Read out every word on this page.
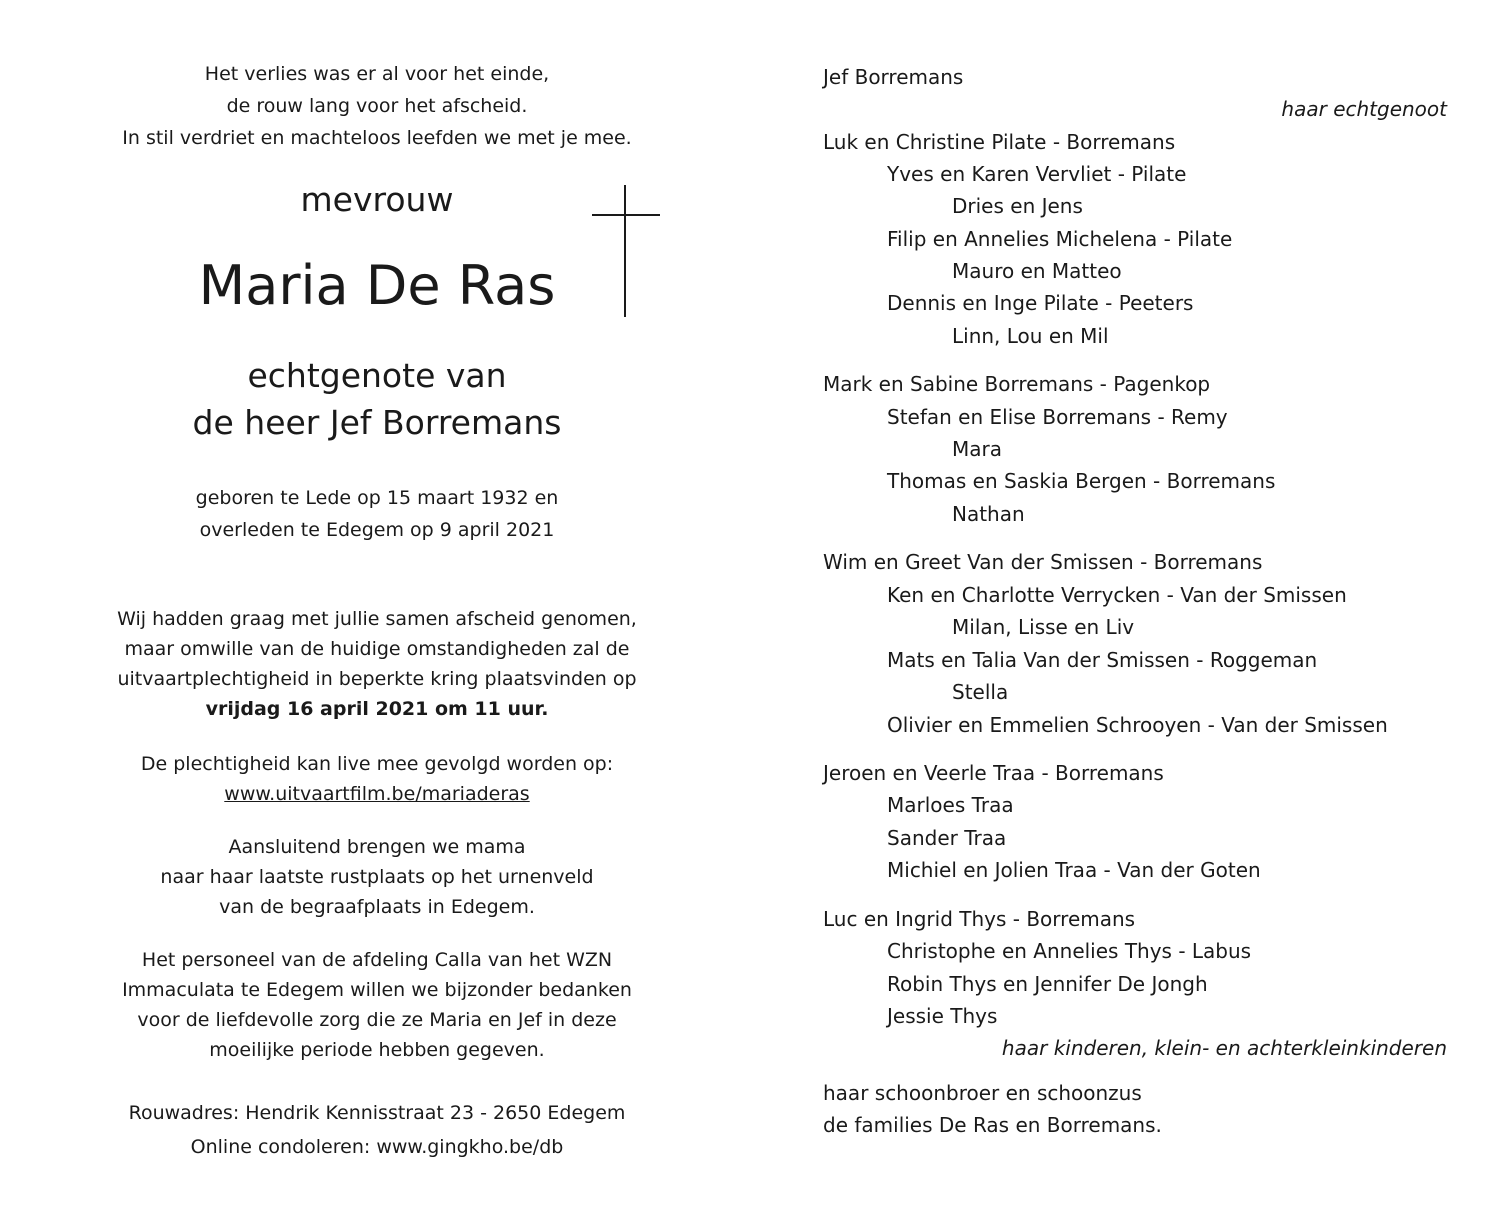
Het verlies was er al voor het einde,
de rouw lang voor het afscheid.
In stil verdriet en machteloos leefden we met je mee.
mevrouw
Maria De Ras
echtgenote van
de heer Jef Borremans
geboren te Lede op 15 maart 1932 en
overleden te Edegem op 9 april 2021
Wij hadden graag met jullie samen afscheid genomen,
maar omwille van de huidige omstandigheden zal de
uitvaartplechtigheid in beperkte kring plaatsvinden op
vrijdag 16 april 2021 om 11 uur.
De plechtigheid kan live mee gevolgd worden op:
www.uitvaartfilm.be/mariaderas
Aansluitend brengen we mama
naar haar laatste rustplaats op het urnenveld
van de begraafplaats in Edegem.
Het personeel van de afdeling Calla van het WZN
Immaculata te Edegem willen we bijzonder bedanken
voor de liefdevolle zorg die ze Maria en Jef in deze
moeilijke periode hebben gegeven.
Rouwadres: Hendrik Kennisstraat 23 - 2650 Edegem
Online condoleren: www.gingkho.be/db
Jef Borremans
haar echtgenoot
Luk en Christine Pilate - Borremans
Yves en Karen Vervliet - Pilate
Dries en Jens
Filip en Annelies Michelena - Pilate
Mauro en Matteo
Dennis en Inge Pilate - Peeters
Linn, Lou en Mil
Mark en Sabine Borremans - Pagenkop
Stefan en Elise Borremans - Remy
Mara
Thomas en Saskia Bergen - Borremans
Nathan
Wim en Greet Van der Smissen - Borremans
Ken en Charlotte Verrycken - Van der Smissen
Milan, Lisse en Liv
Mats en Talia Van der Smissen - Roggeman
Stella
Olivier en Emmelien Schrooyen - Van der Smissen
Jeroen en Veerle Traa - Borremans
Marloes Traa
Sander Traa
Michiel en Jolien Traa - Van der Goten
Luc en Ingrid Thys - Borremans
Christophe en Annelies Thys - Labus
Robin Thys en Jennifer De Jongh
Jessie Thys
haar kinderen, klein- en achterkleinkinderen
haar schoonbroer en schoonzus
de families De Ras en Borremans.
